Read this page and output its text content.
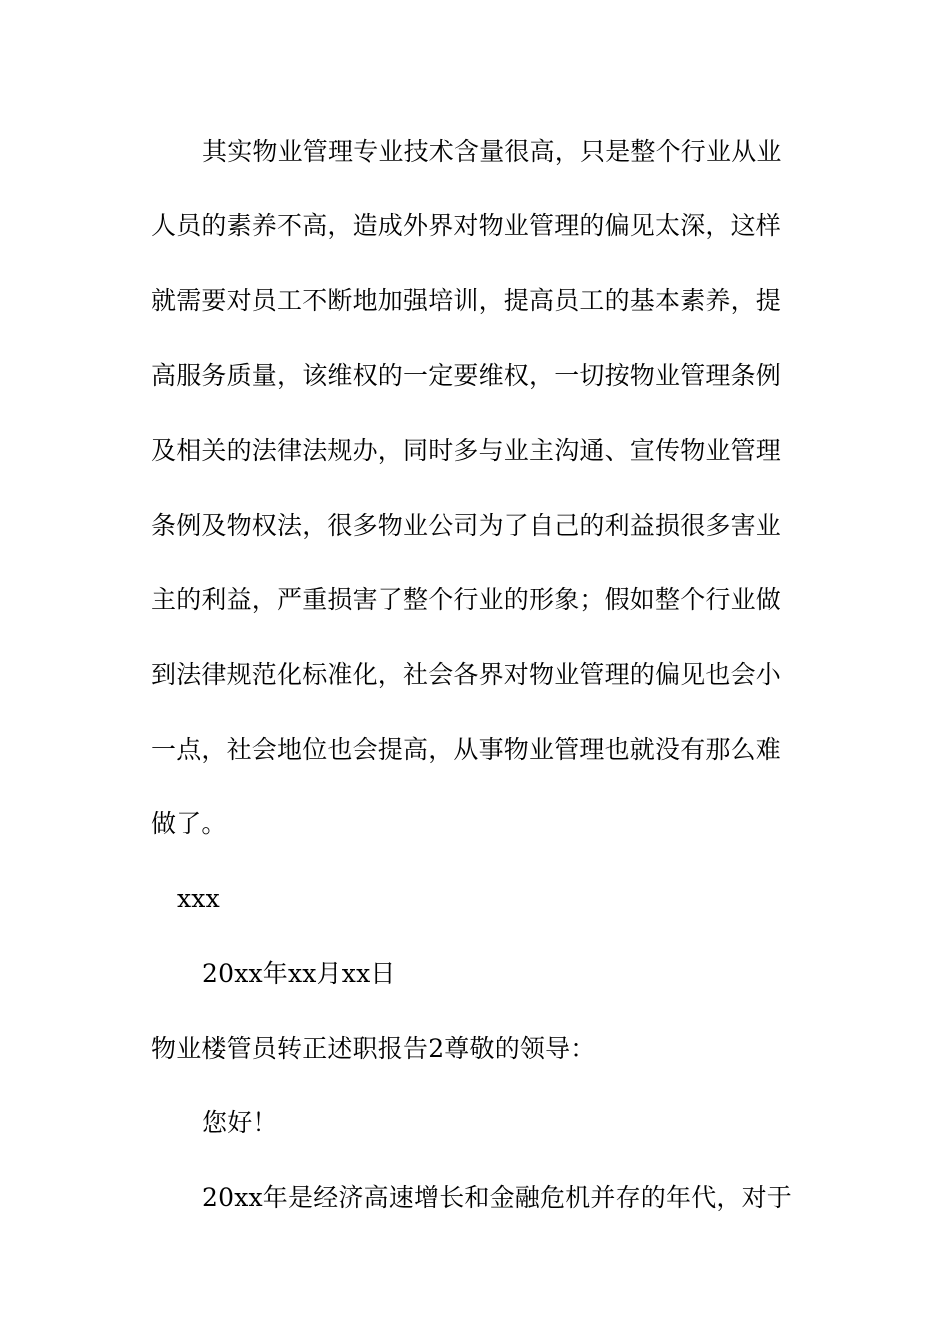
其实物业管理专业技术含量很高，只是整个行业从业
人员的素养不高，造成外界对物业管理的偏见太深，这样
就需要对员工不断地加强培训，提高员工的基本素养，提
高服务质量，该维权的一定要维权，一切按物业管理条例
及相关的法律法规办，同时多与业主沟通、宣传物业管理
条例及物权法，很多物业公司为了自己的利益损很多害业
主的利益，严重损害了整个行业的形象；假如整个行业做
到法律规范化标准化，社会各界对物业管理的偏见也会小
一点，社会地位也会提高，从事物业管理也就没有那么难
做了。
xxx
20xx年xx月xx日
物业楼管员转正述职报告2尊敬的领导：
您好！
20xx年是经济高速增长和金融危机并存的年代，对于
